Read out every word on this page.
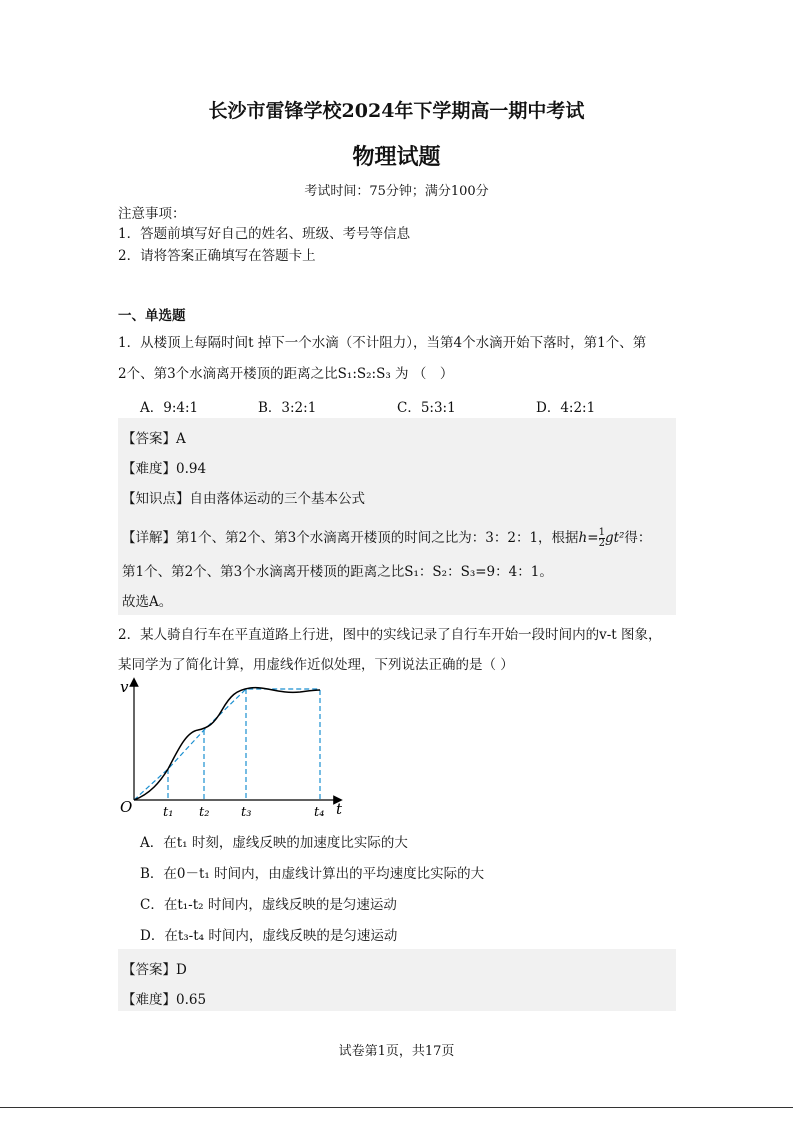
长沙市雷锋学校2024年下学期高一期中考试
物理试题
考试时间：75分钟；满分100分
注意事项：
1．答题前填写好自己的姓名、班级、考号等信息
2．请将答案正确填写在答题卡上
一、单选题
1．从楼顶上每隔时间t 掉下一个水滴（不计阻力），当第4个水滴开始下落时，第1个、第
2个、第3个水滴离开楼顶的距离之比S₁:S₂:S₃ 为 （　）
A．9:4:1	B．3:2:1	C．5:3:1	D．4:2:1
【答案】A
【难度】0.94
【知识点】自由落体运动的三个基本公式
【详解】第1个、第2个、第3个水滴离开楼顶的时间之比为：3：2：1，根据$h= \frac{1}{2} gt^2$得：
第1个、第2个、第3个水滴离开楼顶的距离之比S₁：S₂：S₃=9：4：1。
故选A。
2．某人骑自行车在平直道路上行进，图中的实线记录了自行车开始一段时间内的v-t 图象，
某同学为了简化计算，用虚线作近似处理，下列说法正确的是（ ）
v
O	t
t₁ t₂ t₃	t₄
A．在t₁ 时刻，虚线反映的加速度比实际的大
B．在0－t₁ 时间内，由虚线计算出的平均速度比实际的大
C．在t₁-t₂ 时间内，虚线反映的是匀速运动
D．在t₃-t₄ 时间内，虚线反映的是匀速运动
【答案】D
【难度】0.65
试卷第1页，共17页
